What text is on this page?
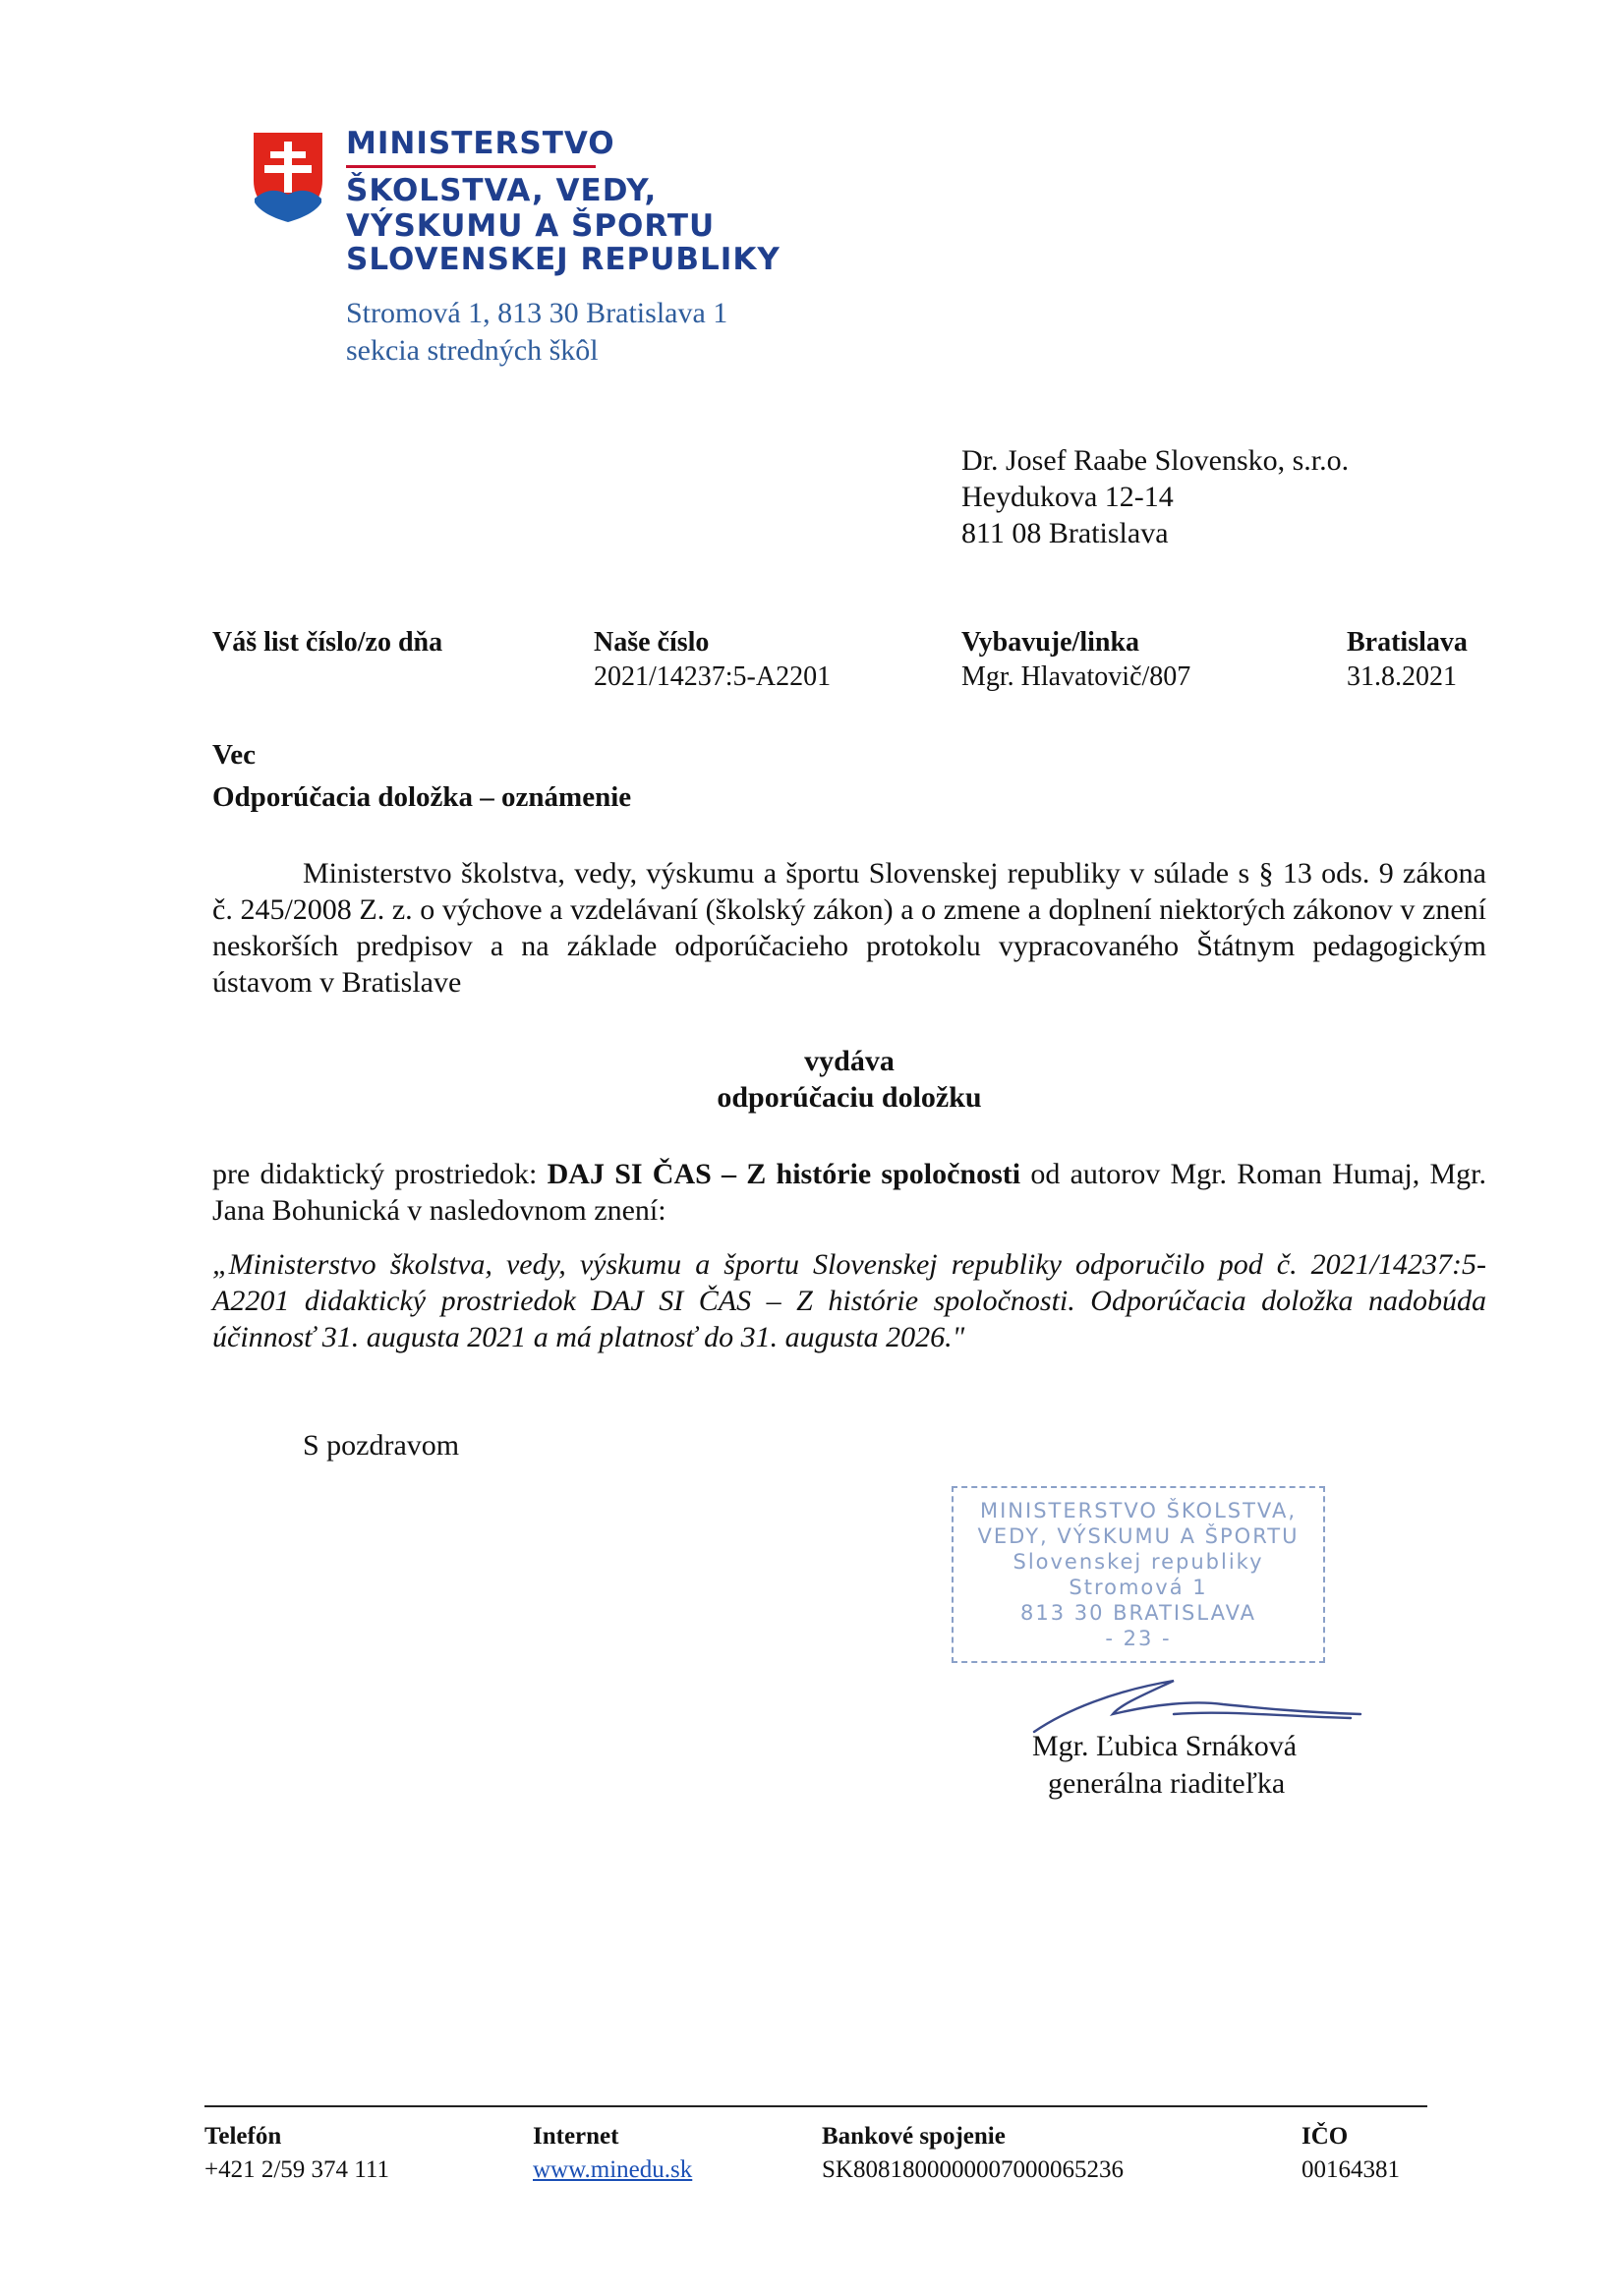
MINISTERSTVO
ŠKOLSTVA, VEDY,
VÝSKUMU A ŠPORTU
SLOVENSKEJ REPUBLIKY
Stromová 1, 813 30 Bratislava 1
sekcia stredných škôl
Dr. Josef Raabe Slovensko, s.r.o.
Heydukova 12-14
811 08 Bratislava
Váš list číslo/zo dňa	Naše číslo
2021/14237:5-A2201
Vybavuje/linka
Mgr. Hlavatovič/807
Bratislava
31.8.2021
Vec
Odporúčacia doložka – oznámenie
Ministerstvo školstva, vedy, výskumu a športu Slovenskej republiky v súlade s § 13 ods. 9 zákona č. 245/2008 Z. z. o výchove a vzdelávaní (školský zákon) a o zmene a doplnení niektorých zákonov v znení neskorších predpisov a na základe odporúčacieho protokolu vypracovaného Štátnym pedagogickým ústavom v Bratislave
vydáva
odporúčaciu doložku
pre didaktický prostriedok: DAJ SI ČAS – Z histórie spoločnosti od autorov Mgr. Roman Humaj, Mgr. Jana Bohunická v nasledovnom znení:
„Ministerstvo školstva, vedy, výskumu a športu Slovenskej republiky odporučilo pod č. 2021/14237:5-A2201 didaktický prostriedok DAJ SI ČAS – Z histórie spoločnosti. Odporúčacia doložka nadobúda účinnosť 31. augusta 2021 a má platnosť do 31. augusta 2026."
S pozdravom
MINISTERSTVO ŠKOLSTVA,
VEDY, VÝSKUMU A ŠPORTU
Slovenskej republiky
Stromová 1
813 30 BRATISLAVA
- 23 -
Mgr. Ľubica Srnáková
generálna riaditeľka
Telefón
+421 2/59 374 111
Internet
www.minedu.sk
Bankové spojenie
SK8081800000007000065236
IČO
00164381
